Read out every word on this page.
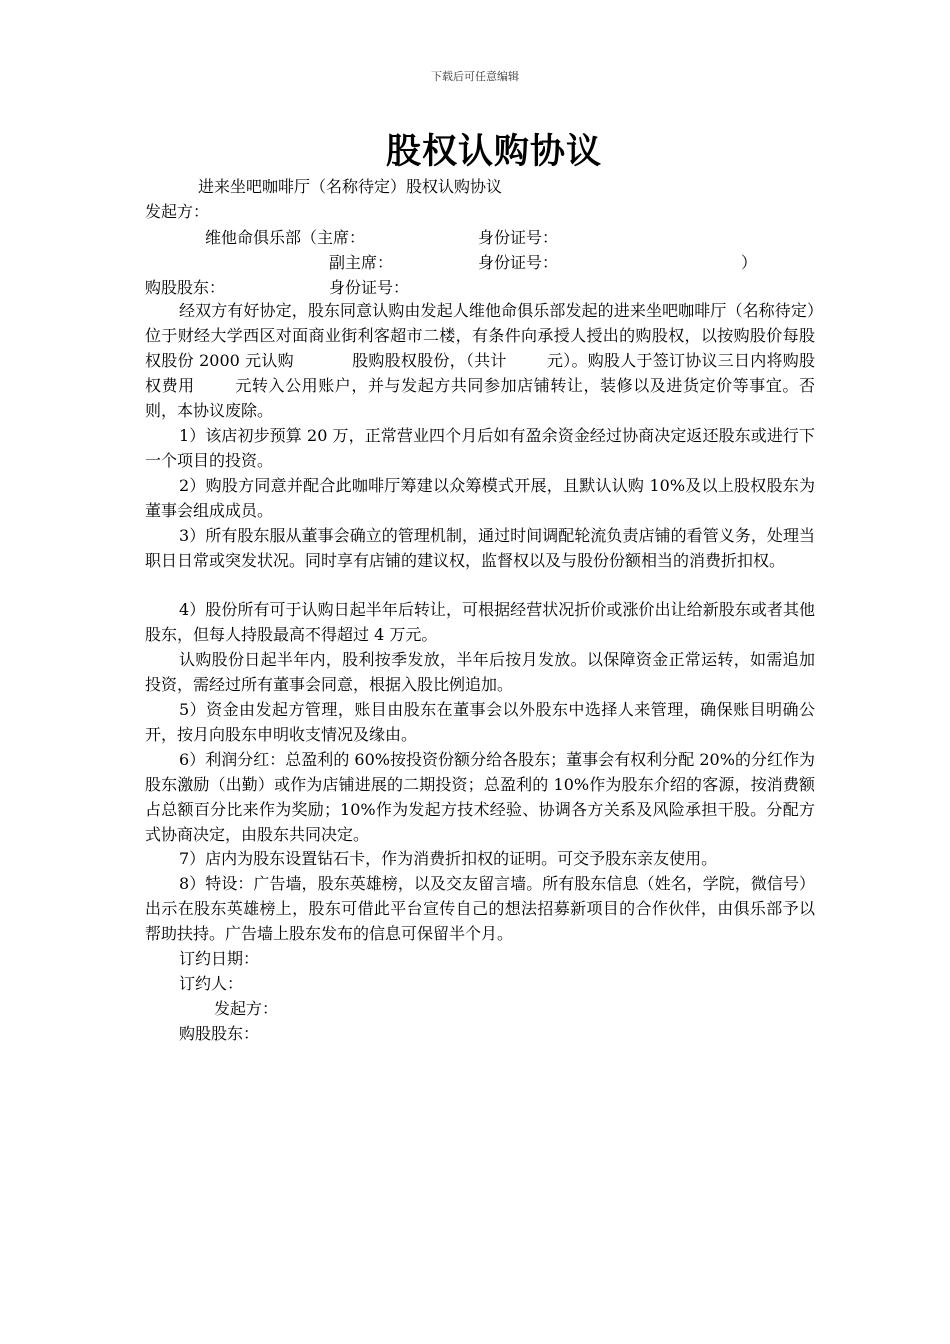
下载后可任意编辑
股权认购协议
进来坐吧咖啡厅（名称待定）股权认购协议
发起方：
维他命俱乐部（主席：	身份证号：
副主席：	身份证号：	）
购股股东：	身份证号：
经双方有好协定，股东同意认购由发起人维他命俱乐部发起的进来坐吧咖啡厅（名称待定）位于财经大学西区对面商业街利客超市二楼，有条件向承授人授出的购股权，以按购股价每股权股份 2000 元认购	股购股权股份，（共计	元）。购股人于签订协议三日内将购股权费用	元转入公用账户，并与发起方共同参加店铺转让，装修以及进货定价等事宜。否则，本协议废除。
1）该店初步预算 20 万，正常营业四个月后如有盈余资金经过协商决定返还股东或进行下一个项目的投资。
2）购股方同意并配合此咖啡厅筹建以众筹模式开展，且默认认购 10%及以上股权股东为董事会组成成员。
3）所有股东服从董事会确立的管理机制，通过时间调配轮流负责店铺的看管义务，处理当职日日常或突发状况。同时享有店铺的建议权，监督权以及与股份份额相当的消费折扣权。
4）股份所有可于认购日起半年后转让，可根据经营状况折价或涨价出让给新股东或者其他股东，但每人持股最高不得超过 4 万元。
认购股份日起半年内，股利按季发放，半年后按月发放。以保障资金正常运转，如需追加投资，需经过所有董事会同意，根据入股比例追加。
5）资金由发起方管理，账目由股东在董事会以外股东中选择人来管理，确保账目明确公开，按月向股东申明收支情况及缘由。
6）利润分红：总盈利的 60%按投资份额分给各股东；董事会有权利分配 20%的分红作为股东激励（出勤）或作为店铺进展的二期投资；总盈利的 10%作为股东介绍的客源，按消费额占总额百分比来作为奖励；10%作为发起方技术经验、协调各方关系及风险承担干股。分配方式协商决定，由股东共同决定。
7）店内为股东设置钻石卡，作为消费折扣权的证明。可交予股东亲友使用。
8）特设：广告墙，股东英雄榜，以及交友留言墙。所有股东信息（姓名，学院，微信号）出示在股东英雄榜上，股东可借此平台宣传自己的想法招募新项目的合作伙伴，由俱乐部予以帮助扶持。广告墙上股东发布的信息可保留半个月。
订约日期：
订约人：
发起方：
购股股东：
